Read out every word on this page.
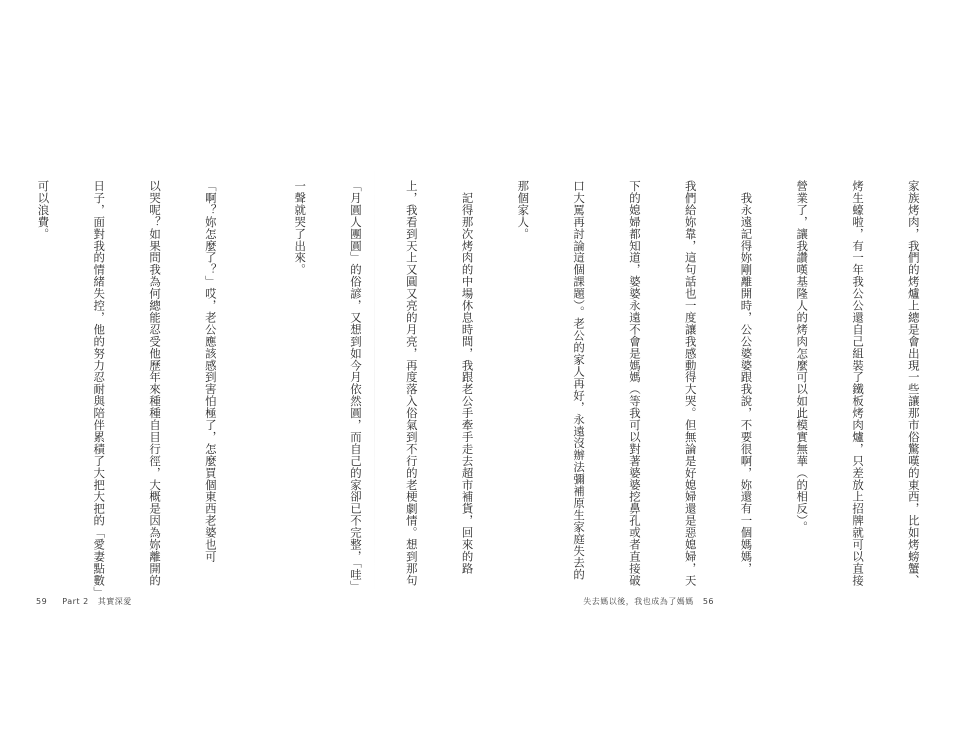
「啊？妳怎麼了？」哎，老公應該感到害怕極了，怎麼買個東西老婆也可

以哭呢？如果問我為何總能忍受他歷年來種種自目行徑，大概是因為妳離開的

日子，面對我的情緒失控，他的努力忍耐與陪伴累積了大把大把的「愛妻點數」

可以浪費。

59 Part 2 其實深愛

家族烤肉，我們的烤爐上總是會出現一些讓那市俗驚嘆的東西，比如烤螃蟹、

烤生蠔啦，有一年我公公還自己組裝了鐵板烤肉爐，只差放上招牌就可以直接

營業了，讓我讚嘆基隆人的烤肉怎麼可以如此模實無華（的相反）。

　我永遠記得妳剛離開時，公公婆婆跟我說，不要很啊，妳還有一個媽媽，

我們給妳靠，這句話也一度讓我感動得大哭。但無論是好媳婦還是惡媳婦，天

下的媳婦都知道，婆婆永遠不會是媽媽（等我可以對著婆婆挖鼻孔或者直接破

口大罵再討論這個課題）。老公的家人再好，永遠沒辦法彌補原生家庭失去的

那個家人。

　記得那次烤肉的中場休息時間，我跟老公手牽手走去超市補貨，回來的路

上，我看到天上又圓又亮的月亮，再度落入俗氣到不行的老梗劇情。想到那句

「月圓人團圓」的俗諺，又想到如今月依然圓，而自己的家卻已不完整，「哇」

一聲就哭了出來。

失去媽以後，我也成為了媽媽 56
